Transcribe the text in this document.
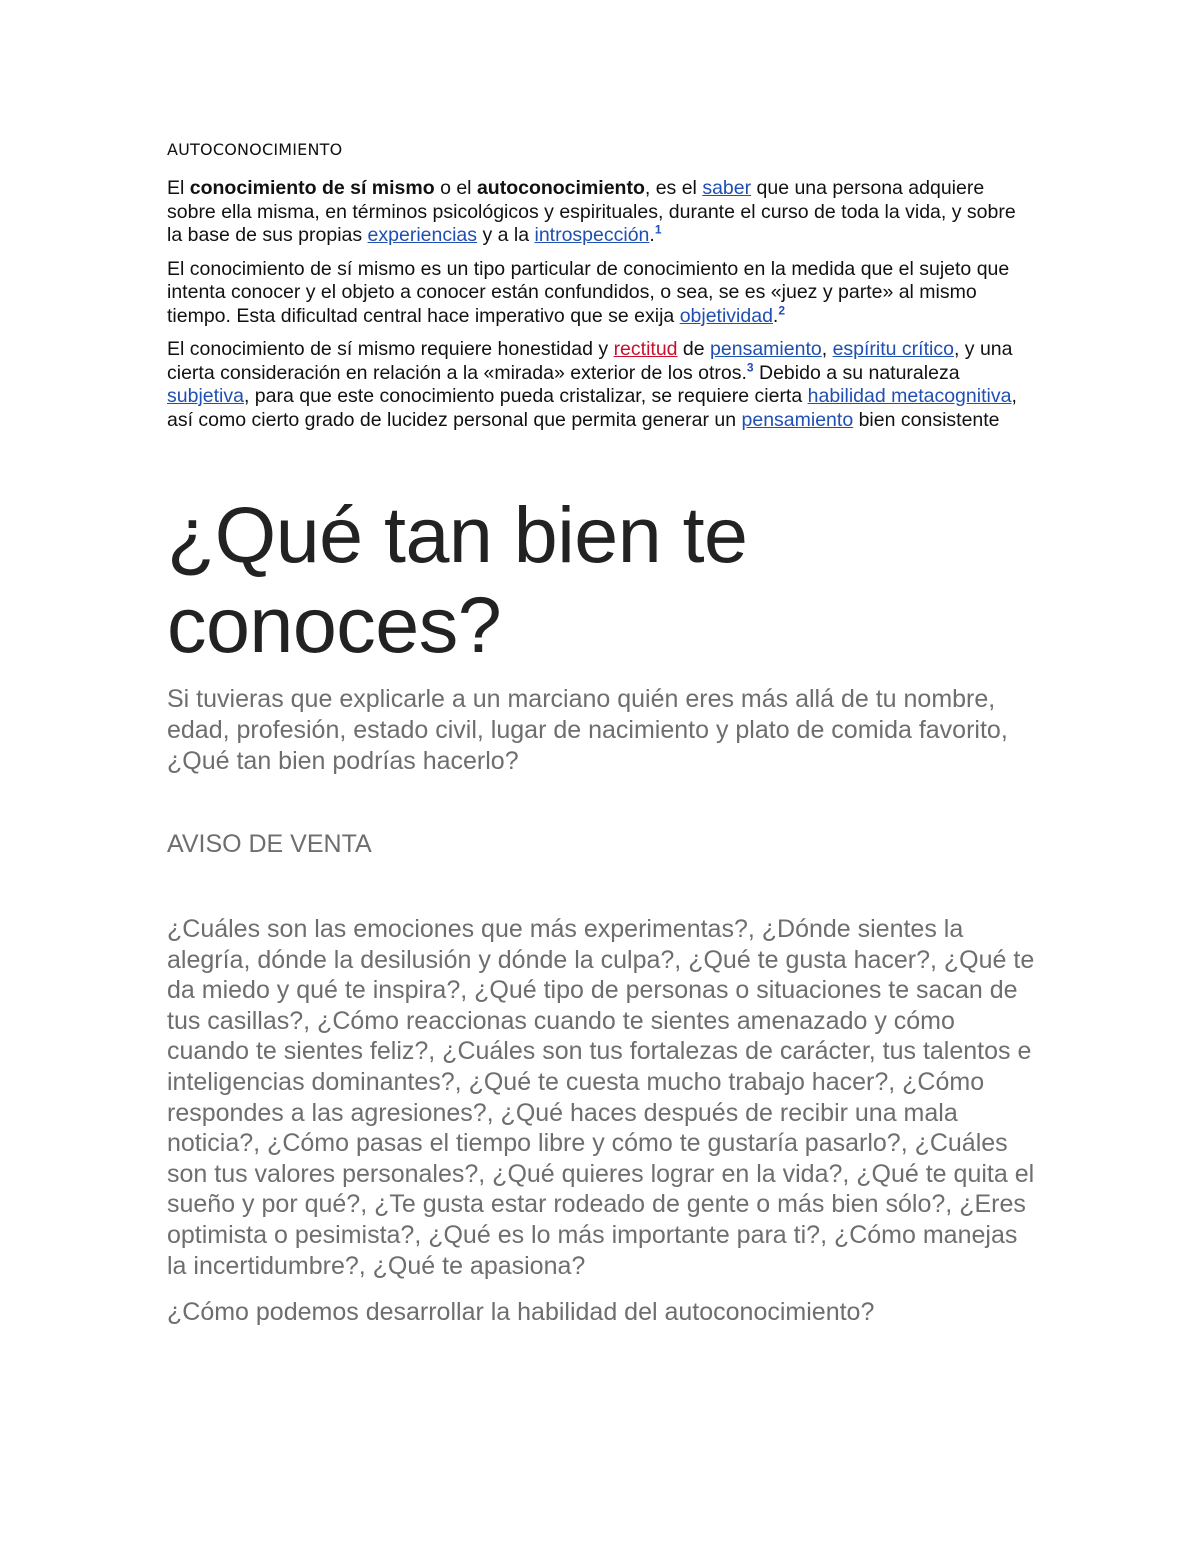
AUTOCONOCIMIENTO

El conocimiento de sí mismo o el autoconocimiento, es el saber que una persona adquiere sobre ella misma, en términos psicológicos y espirituales, durante el curso de toda la vida, y sobre la base de sus propias experiencias y a la introspección.$^1$

El conocimiento de sí mismo es un tipo particular de conocimiento en la medida que el sujeto que intenta conocer y el objeto a conocer están confundidos, o sea, se es «juez y parte» al mismo tiempo. Esta dificultad central hace imperativo que se exija objetividad.$^2$

El conocimiento de sí mismo requiere honestidad y rectitud de pensamiento, espíritu crítico, y una cierta consideración en relación a la «mirada» exterior de los otros.$^3$ Debido a su naturaleza subjetiva, para que este conocimiento pueda cristalizar, se requiere cierta habilidad metacognitiva, así como cierto grado de lucidez personal que permita generar un pensamiento bien consistente

¿Qué tan bien te conoces?

Si tuvieras que explicarle a un marciano quién eres más allá de tu nombre, edad, profesión, estado civil, lugar de nacimiento y plato de comida favorito, ¿Qué tan bien podrías hacerlo?

AVISO DE VENTA

¿Cuáles son las emociones que más experimentas?, ¿Dónde sientes la alegría, dónde la desilusión y dónde la culpa?, ¿Qué te gusta hacer?, ¿Qué te da miedo y qué te inspira?, ¿Qué tipo de personas o situaciones te sacan de tus casillas?, ¿Cómo reaccionas cuando te sientes amenazado y cómo cuando te sientes feliz?, ¿Cuáles son tus fortalezas de carácter, tus talentos e inteligencias dominantes?, ¿Qué te cuesta mucho trabajo hacer?, ¿Cómo respondes a las agresiones?, ¿Qué haces después de recibir una mala noticia?, ¿Cómo pasas el tiempo libre y cómo te gustaría pasarlo?, ¿Cuáles son tus valores personales?, ¿Qué quieres lograr en la vida?, ¿Qué te quita el sueño y por qué?, ¿Te gusta estar rodeado de gente o más bien sólo?, ¿Eres optimista o pesimista?, ¿Qué es lo más importante para ti?, ¿Cómo manejas la incertidumbre?, ¿Qué te apasiona?

¿Cómo podemos desarrollar la habilidad del autoconocimiento?
